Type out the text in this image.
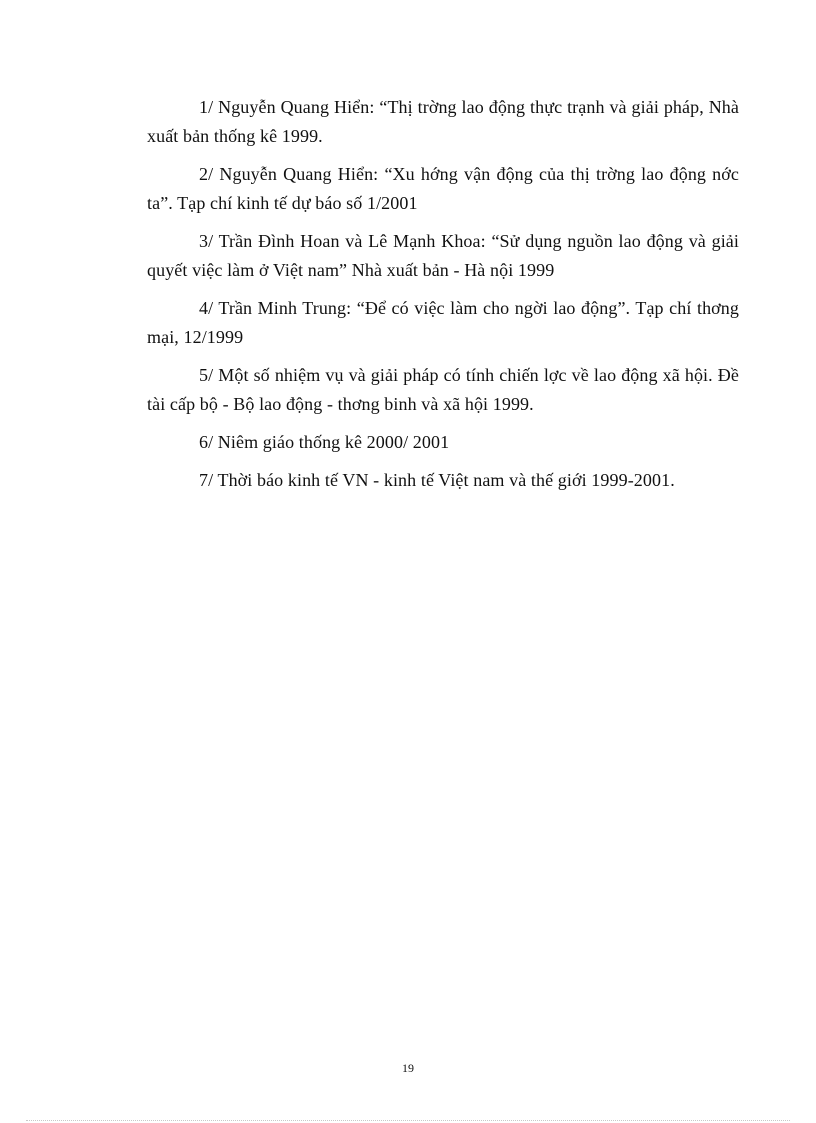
1/ Nguyễn Quang Hiển: “Thị trờng lao động thực trạnh và giải pháp, Nhà xuất bản thống kê 1999.

2/ Nguyễn Quang Hiển: “Xu hớng vận động của thị trờng lao động nớc ta”. Tạp chí kinh tế dự báo số 1/2001

3/ Trần Đình Hoan và Lê Mạnh Khoa: “Sử dụng nguồn lao động và giải quyết việc làm ở Việt nam” Nhà xuất bản - Hà nội 1999

4/ Trần Minh Trung: “Để có việc làm cho ngời lao động”. Tạp chí thơng mại, 12/1999

5/ Một số nhiệm vụ và giải pháp có tính chiến lợc về lao động xã hội. Đề tài cấp bộ - Bộ lao động - thơng binh và xã hội 1999.

6/ Niêm giáo thống kê 2000/ 2001

7/ Thời báo kinh tế VN - kinh tế Việt nam và thế giới 1999-2001.

19
